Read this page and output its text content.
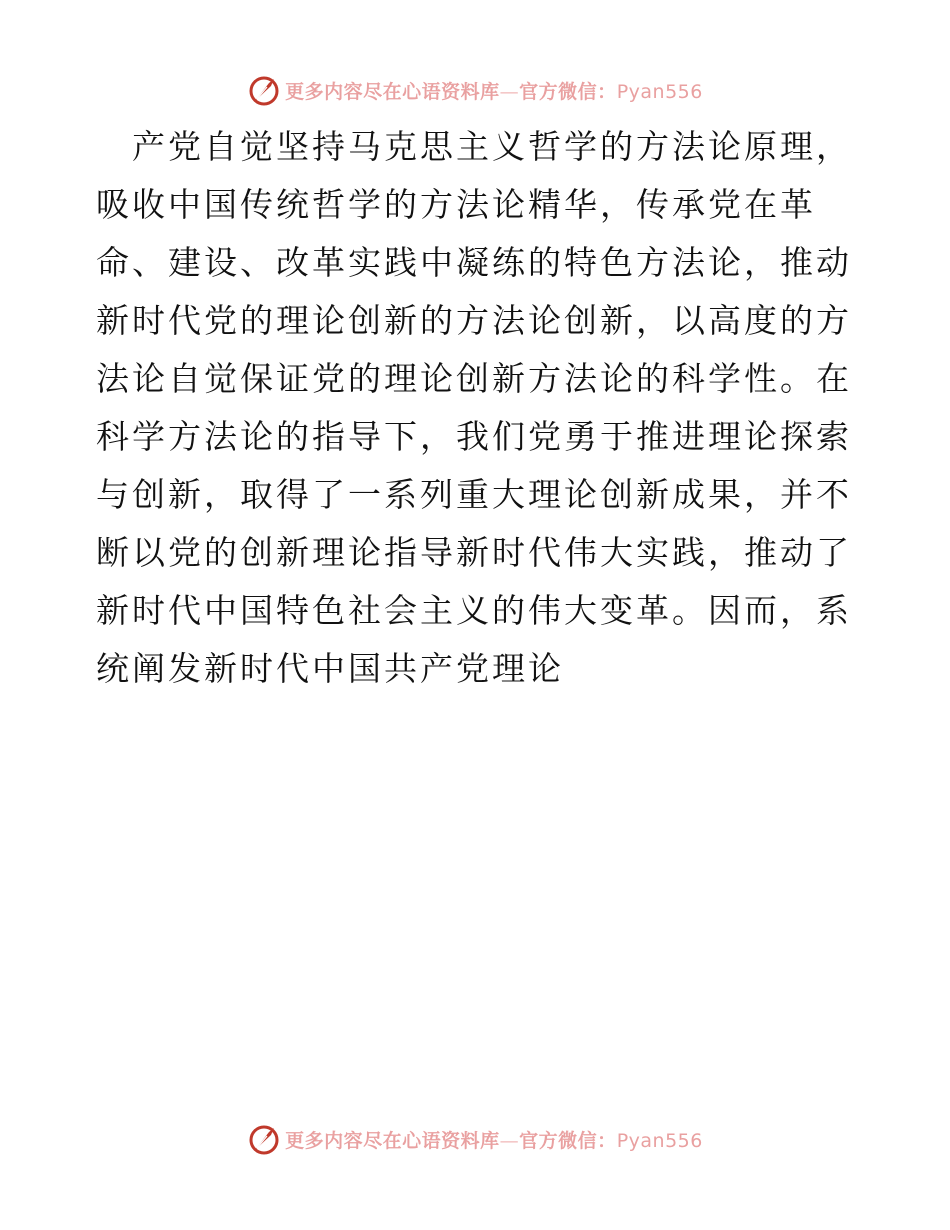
更多内容尽在心语资料库—官方微信：Pyan556

产党自觉坚持马克思主义哲学的方法论原理，吸收中国传统哲学的方法论精华，传承党在革命、建设、改革实践中凝练的特色方法论，推动新时代党的理论创新的方法论创新，以高度的方法论自觉保证党的理论创新方法论的科学性。在科学方法论的指导下，我们党勇于推进理论探索与创新，取得了一系列重大理论创新成果，并不断以党的创新理论指导新时代伟大实践，推动了新时代中国特色社会主义的伟大变革。因而，系统阐发新时代中国共产党理论

更多内容尽在心语资料库—官方微信：Pyan556
